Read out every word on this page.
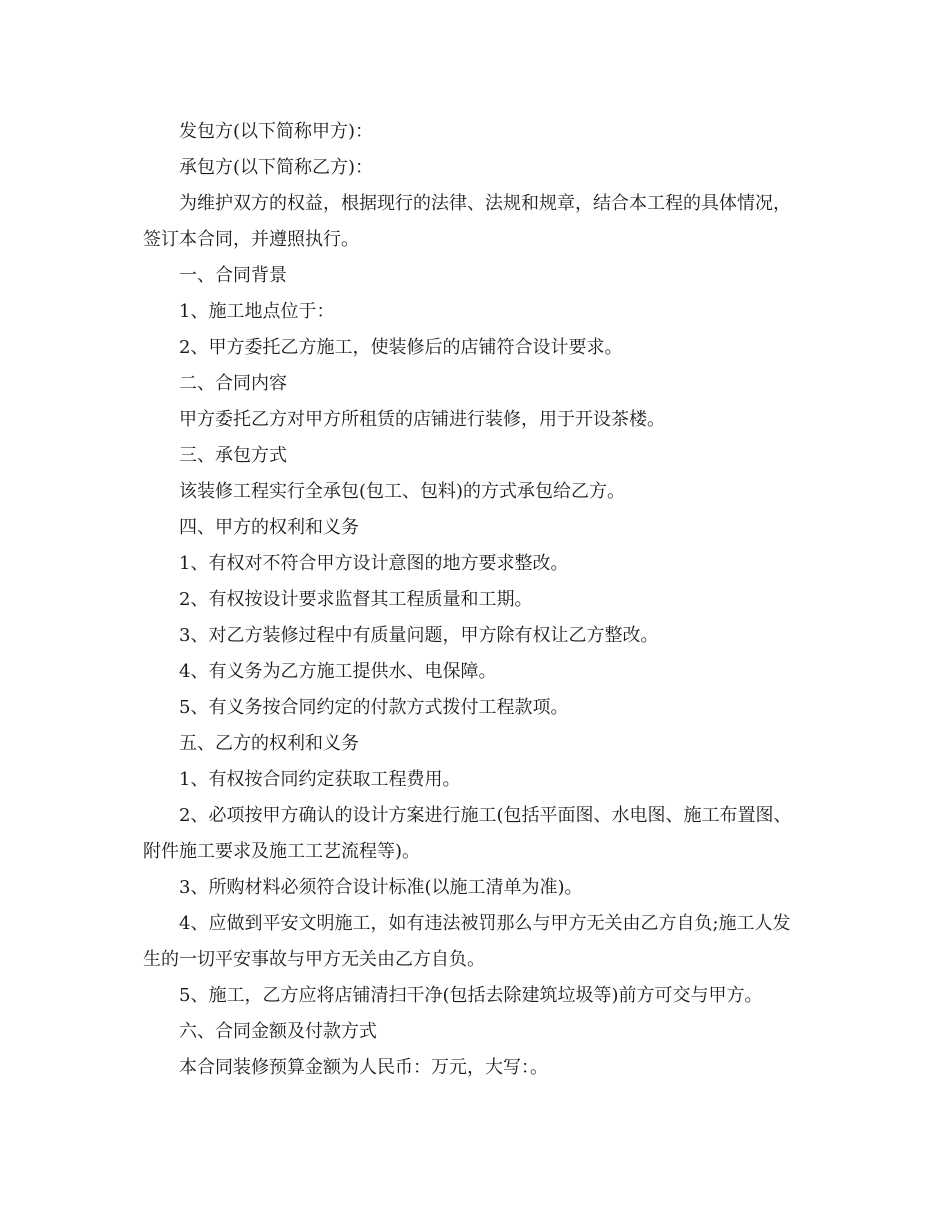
发包方(以下简称甲方)：

承包方(以下简称乙方)：

为维护双方的权益，根据现行的法律、法规和规章，结合本工程的具体情况，签订本合同，并遵照执行。

一、合同背景

1、施工地点位于：

2、甲方委托乙方施工，使装修后的店铺符合设计要求。

二、合同内容

甲方委托乙方对甲方所租赁的店铺进行装修，用于开设茶楼。

三、承包方式

该装修工程实行全承包(包工、包料)的方式承包给乙方。

四、甲方的权利和义务

1、有权对不符合甲方设计意图的地方要求整改。

2、有权按设计要求监督其工程质量和工期。

3、对乙方装修过程中有质量问题，甲方除有权让乙方整改。

4、有义务为乙方施工提供水、电保障。

5、有义务按合同约定的付款方式拨付工程款项。

五、乙方的权利和义务

1、有权按合同约定获取工程费用。

2、必项按甲方确认的设计方案进行施工(包括平面图、水电图、施工布置图、附件施工要求及施工工艺流程等)。

3、所购材料必须符合设计标准(以施工清单为准)。

4、应做到平安文明施工，如有违法被罚那么与甲方无关由乙方自负;施工人发生的一切平安事故与甲方无关由乙方自负。

5、施工，乙方应将店铺清扫干净(包括去除建筑垃圾等)前方可交与甲方。

六、合同金额及付款方式

本合同装修预算金额为人民币：万元，大写：。
